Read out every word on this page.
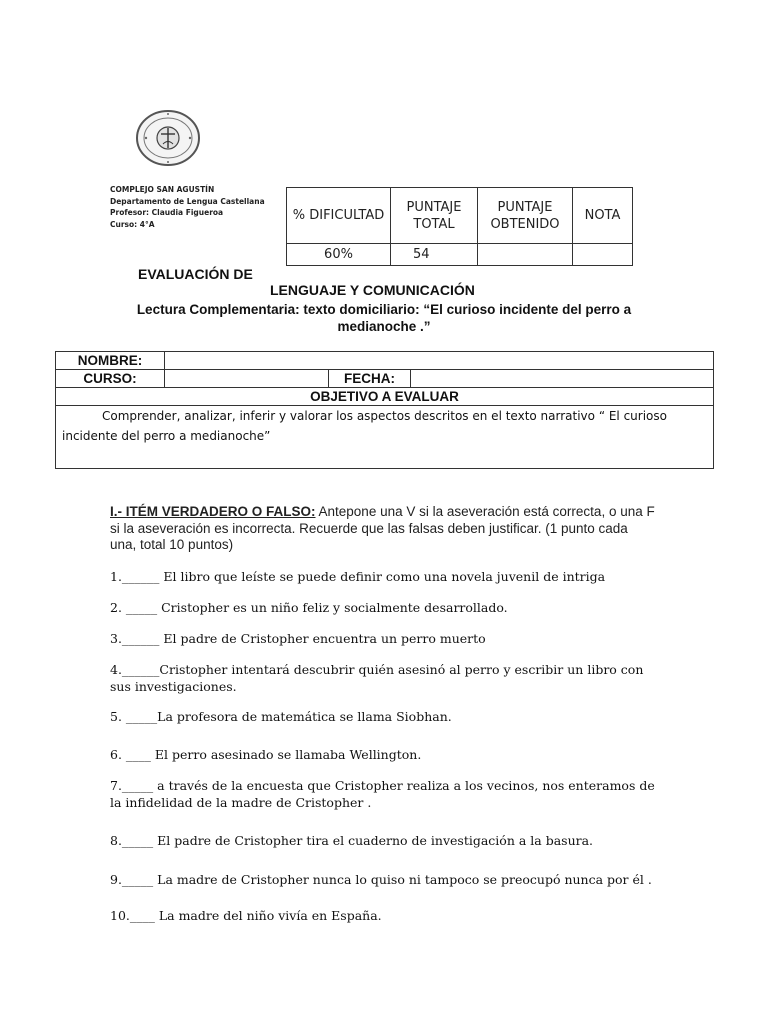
COMPLEJO SAN AGUSTÍN
Departamento de Lengua Castellana
Profesor: Claudia Figueroa
Curso: 4°A
% DIFICULTAD	PUNTAJE TOTAL	PUNTAJE OBTENIDO	NOTA
60%	54		
EVALUACIÓN DE
LENGUAJE Y COMUNICACIÓN
Lectura Complementaria: texto domiciliario: “El curioso incidente del perro a medianoche .”
NOMBRE:			
CURSO:		FECHA:	
OBJETIVO A EVALUAR			

Comprender, analizar, inferir y valorar los aspectos descritos en el texto narrativo “ El curioso incidente del perro a medianoche”			
I.- ITÉM VERDADERO O FALSO: Antepone una V si la aseveración está correcta, o una F si la aseveración es incorrecta. Recuerde que las falsas deben justificar. (1 punto cada una, total 10 puntos)
1.______ El libro que leíste se puede definir como una novela juvenil de intriga
2. _____ Cristopher es un niño feliz y socialmente desarrollado.
3.______ El padre de Cristopher encuentra un perro muerto
4.______Cristopher intentará descubrir quién asesinó al perro y escribir un libro con sus investigaciones.
5. _____La profesora de matemática se llama Siobhan.
6. ____ El perro asesinado se llamaba Wellington.
7._____ a través de la encuesta que Cristopher realiza a los vecinos, nos enteramos de la infidelidad de la madre de Cristopher .
8._____ El padre de Cristopher tira el cuaderno de investigación a la basura.
9._____ La madre de Cristopher nunca lo quiso ni tampoco se preocupó nunca por él .
10.____ La madre del niño vivía en España.
